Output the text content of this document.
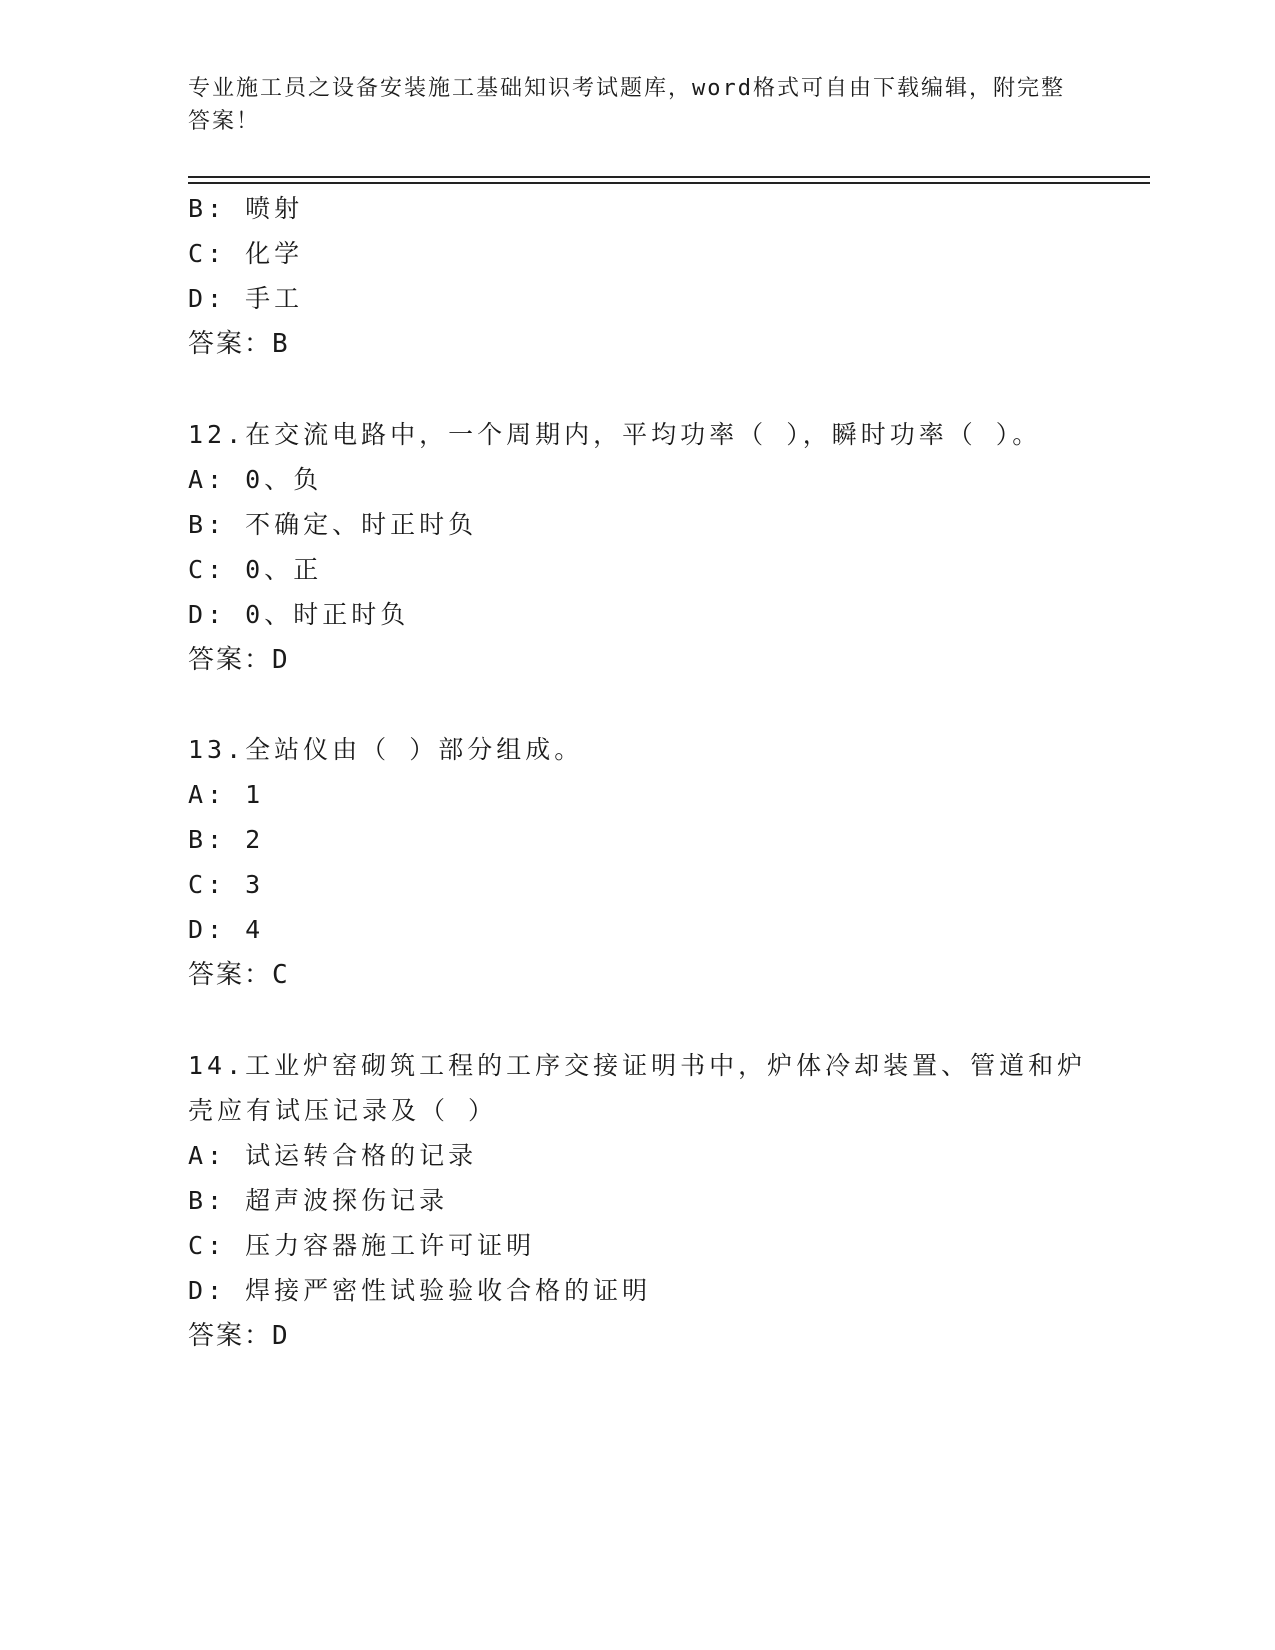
专业施工员之设备安装施工基础知识考试题库，word格式可自由下载编辑，附完整答案！
B: 喷射
C: 化学
D: 手工
答案：B
12.在交流电路中，一个周期内，平均功率（ ），瞬时功率（ ）。
A: 0、负
B: 不确定、时正时负
C: 0、正
D: 0、时正时负
答案：D
13.全站仪由（ ）部分组成。
A: 1
B: 2
C: 3
D: 4
答案：C
14.工业炉窑砌筑工程的工序交接证明书中，炉体冷却装置、管道和炉
壳应有试压记录及（ ）
A: 试运转合格的记录
B: 超声波探伤记录
C: 压力容器施工许可证明
D: 焊接严密性试验验收合格的证明
答案：D
